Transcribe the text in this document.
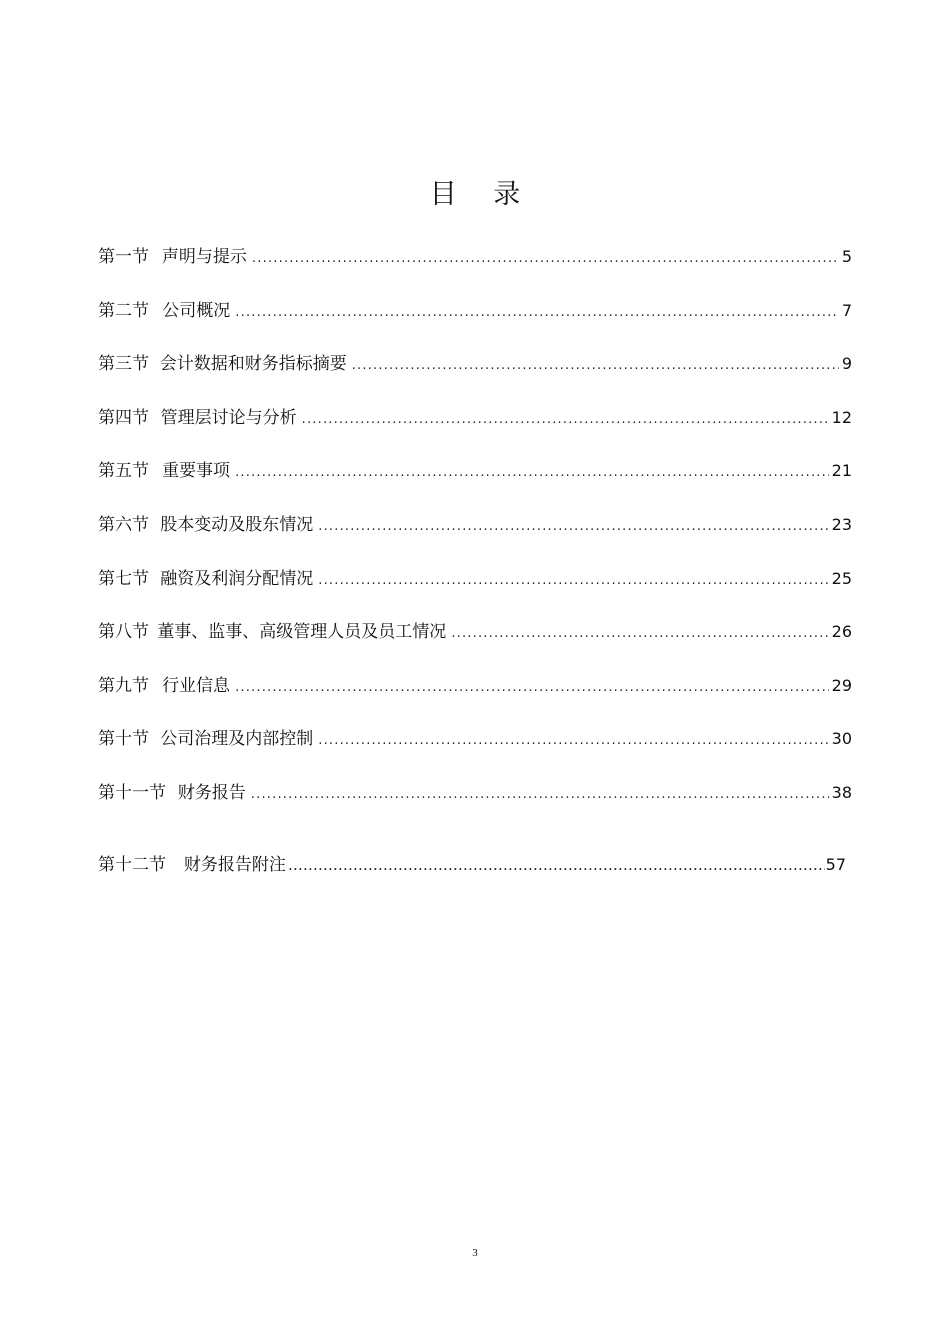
目 录
第一节 声明与提示 .....	5
第二节 公司概况 .....	7
第三节 会计数据和财务指标摘要 .....	9
第四节 管理层讨论与分析 .....	12
第五节 重要事项 .....	21
第六节 股本变动及股东情况 .....	23
第七节 融资及利润分配情况 .....	25
第八节 董事、监事、高级管理人员及员工情况 .....	26
第九节 行业信息 .....	29
第十节 公司治理及内部控制 .....	30
第十一节 财务报告 .....	38
第十二节 财务报告附注 ……………………………………………………………………………………………………………………………………	57
3
